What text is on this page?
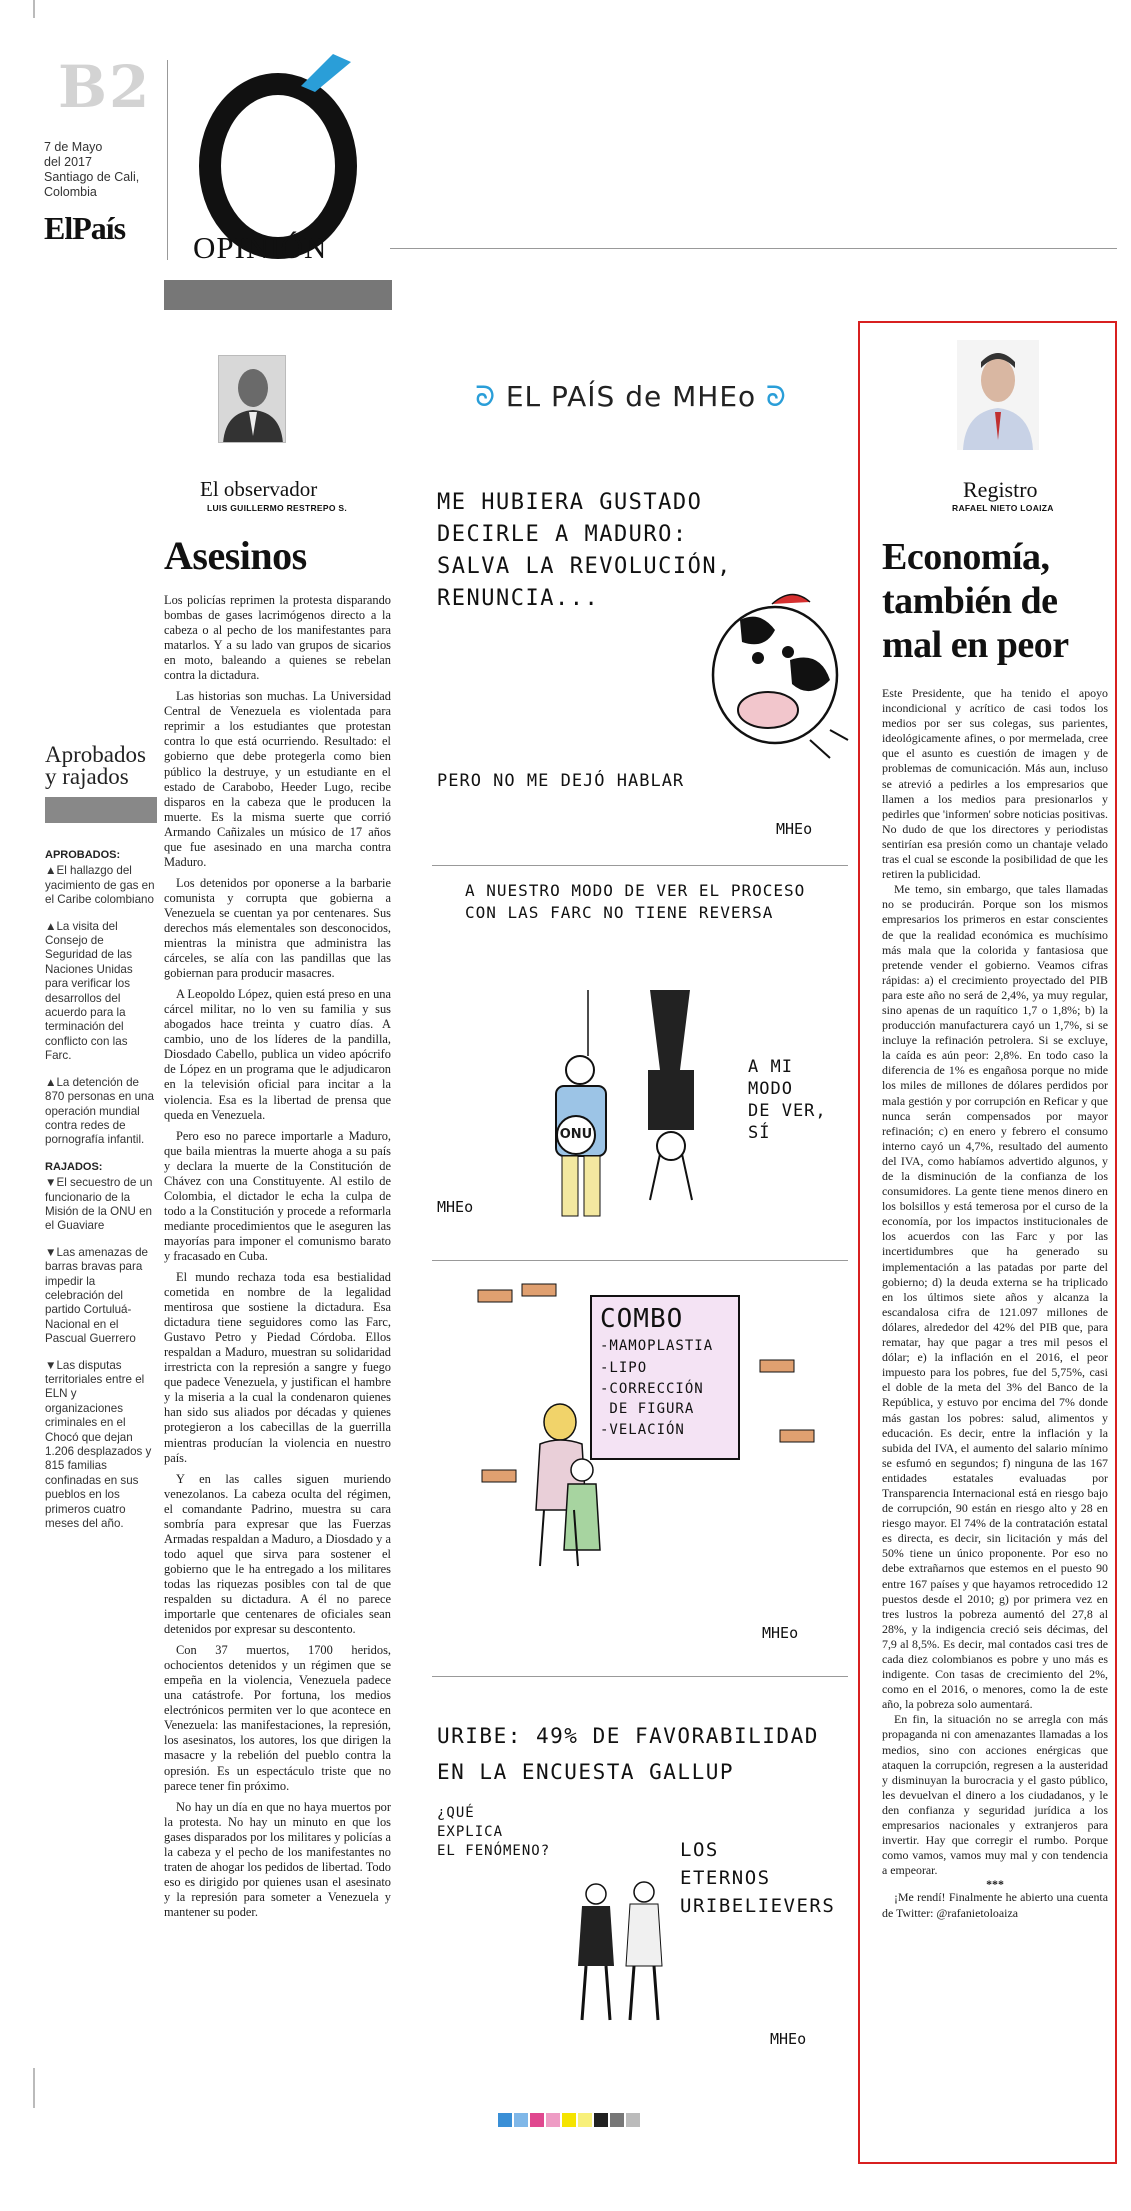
B2
7 de Mayo del 2017
Santiago de Cali, Colombia
ElPaís
OPINIÓN
El observador
LUIS GUILLERMO RESTREPO S.
Asesinos

Los policías reprimen la protesta disparando bombas de gases lacrimógenos directo a la cabeza o al pecho de los manifestantes para matarlos. Y a su lado van grupos de sicarios en moto, baleando a quienes se rebelan contra la dictadura.

Las historias son muchas. La Universidad Central de Venezuela es violentada para reprimir a los estudiantes que protestan contra lo que está ocurriendo. Resultado: el gobierno que debe protegerla como bien público la destruye, y un estudiante en el estado de Carabobo, Heeder Lugo, recibe disparos en la cabeza que le producen la muerte. Es la misma suerte que corrió Armando Cañizales un músico de 17 años que fue asesinado en una marcha contra Maduro.

Los detenidos por oponerse a la barbarie comunista y corrupta que gobierna a Venezuela se cuentan ya por centenares. Sus derechos más elementales son desconocidos, mientras la ministra que administra las cárceles, se alía con las pandillas que las gobiernan para producir masacres.

A Leopoldo López, quien está preso en una cárcel militar, no lo ven su familia y sus abogados hace treinta y cuatro días. A cambio, uno de los líderes de la pandilla, Diosdado Cabello, publica un video apócrifo de López en un programa que le adjudicaron en la televisión oficial para incitar a la violencia. Esa es la libertad de prensa que queda en Venezuela.

Pero eso no parece importarle a Maduro, que baila mientras la muerte ahoga a su país y declara la muerte de la Constitución de Chávez con una Constituyente. Al estilo de Colombia, el dictador le echa la culpa de todo a la Constitución y procede a reformarla mediante procedimientos que le aseguren las mayorías para imponer el comunismo barato y fracasado en Cuba.

El mundo rechaza toda esa bestialidad cometida en nombre de la legalidad mentirosa que sostiene la dictadura. Esa dictadura tiene seguidores como las Farc, Gustavo Petro y Piedad Córdoba. Ellos respaldan a Maduro, muestran su solidaridad irrestricta con la represión a sangre y fuego que padece Venezuela, y justifican el hambre y la miseria a la cual la condenaron quienes han sido sus aliados por décadas y quienes protegieron a los cabecillas de la guerrilla mientras producían la violencia en nuestro país.

Y en las calles siguen muriendo venezolanos. La cabeza oculta del régimen, el comandante Padrino, muestra su cara sombría para expresar que las Fuerzas Armadas respaldan a Maduro, a Diosdado y a todo aquel que sirva para sostener el gobierno que le ha entregado a los militares todas las riquezas posibles con tal de que respalden su dictadura. A él no parece importarle que centenares de oficiales sean detenidos por expresar su descontento.

Con 37 muertos, 1700 heridos, ochocientos detenidos y un régimen que se empeña en la violencia, Venezuela padece una catástrofe. Por fortuna, los medios electrónicos permiten ver lo que acontece en Venezuela: las manifestaciones, la represión, los asesinatos, los autores, los que dirigen la masacre y la rebelión del pueblo contra la opresión. Es un espectáculo triste que no parece tener fin próximo.

No hay un día en que no haya muertos por la protesta. No hay un minuto en que los gases disparados por los militares y policías a la cabeza y el pecho de los manifestantes no traten de ahogar los pedidos de libertad. Todo eso es dirigido por quienes usan el asesinato y la represión para someter a Venezuela y mantener su poder.

Aprobados
y rajados
APROBADOS:
▲El hallazgo del yacimiento de gas en el Caribe colombiano
▲La visita del Consejo de Seguridad de las Naciones Unidas para verificar los desarrollos del acuerdo para la terminación del conflicto con las Farc.
▲La detención de 870 personas en una operación mundial contra redes de pornografía infantil.
RAJADOS:
▼El secuestro de un funcionario de la Misión de la ONU en el Guaviare
▼Las amenazas de barras bravas para impedir la celebración del partido Cortuluá-Nacional en el Pascual Guerrero
▼Las disputas territoriales entre el ELN y organizaciones criminales en el Chocó que dejan 1.206 desplazados y 815 familias confinadas en sus pueblos en los primeros cuatro meses del año.
ᘐ EL PAÍS de MHEo ᘐ
ME HUBIERA GUSTADO
DECIRLE A MADURO:
SALVA LA REVOLUCIÓN,
RENUNCIA...
PERO NO ME DEJÓ HABLAR
MHEo
A NUESTRO MODO DE VER EL PROCESO
CON LAS FARC NO TIENE REVERSA
ONU
A MI
MODO
DE VER,
SÍ
MHEo
COMBO
-MAMOPLASTIA
-LIPO
-CORRECCIÓN
DE FIGURA
-VELACIÓN
MHEo
URIBE: 49% DE FAVORABILIDAD
EN LA ENCUESTA GALLUP
¿QUÉ
EXPLICA
EL FENÓMENO?	LOS
ETERNOS
URIBELIEVERS
MHEo
Registro
RAFAEL NIETO LOAIZA
Economía,
también de
mal en peor

Este Presidente, que ha tenido el apoyo incondicional y acrítico de casi todos los medios por ser sus colegas, sus parientes, ideológicamente afines, o por mermelada, cree que el asunto es cuestión de imagen y de problemas de comunicación. Más aun, incluso se atrevió a pedirles a los empresarios que llamen a los medios para presionarlos y pedirles que 'informen' sobre noticias positivas. No dudo de que los directores y periodistas sentirían esa presión como un chantaje velado tras el cual se esconde la posibilidad de que les retiren la publicidad.

Me temo, sin embargo, que tales llamadas no se producirán. Porque son los mismos empresarios los primeros en estar conscientes de que la realidad económica es muchísimo más mala que la colorida y fantasiosa que pretende vender el gobierno. Veamos cifras rápidas: a) el crecimiento proyectado del PIB para este año no será de 2,4%, ya muy regular, sino apenas de un raquítico 1,7 o 1,8%; b) la producción manufacturera cayó un 1,7%, si se incluye la refinación petrolera. Si se excluye, la caída es aún peor: 2,8%. En todo caso la diferencia de 1% es engañosa porque no mide los miles de millones de dólares perdidos por mala gestión y por corrupción en Reficar y que nunca serán compensados por mayor refinación; c) en enero y febrero el consumo interno cayó un 4,7%, resultado del aumento del IVA, como habíamos advertido algunos, y de la disminución de la confianza de los consumidores. La gente tiene menos dinero en los bolsillos y está temerosa por el curso de la economía, por los impactos institucionales de los acuerdos con las Farc y por las incertidumbres que ha generado su implementación a las patadas por parte del gobierno; d) la deuda externa se ha triplicado en los últimos siete años y alcanza la escandalosa cifra de 121.097 millones de dólares, alrededor del 42% del PIB que, para rematar, hay que pagar a tres mil pesos el dólar; e) la inflación en el 2016, el peor impuesto para los pobres, fue del 5,75%, casi el doble de la meta del 3% del Banco de la República, y estuvo por encima del 7% donde más gastan los pobres: salud, alimentos y educación. Es decir, entre la inflación y la subida del IVA, el aumento del salario mínimo se esfumó en segundos; f) ninguna de las 167 entidades estatales evaluadas por Transparencia Internacional está en riesgo bajo de corrupción, 90 están en riesgo alto y 28 en riesgo mayor. El 74% de la contratación estatal es directa, es decir, sin licitación y más del 50% tiene un único proponente. Por eso no debe extrañarnos que estemos en el puesto 90 entre 167 países y que hayamos retrocedido 12 puestos desde el 2010; g) por primera vez en tres lustros la pobreza aumentó del 27,8 al 28%, y la indigencia creció seis décimas, del 7,9 al 8,5%. Es decir, mal contados casi tres de cada diez colombianos es pobre y uno más es indigente. Con tasas de crecimiento del 2%, como en el 2016, o menores, como la de este año, la pobreza solo aumentará.

En fin, la situación no se arregla con más propaganda ni con amenazantes llamadas a los medios, sino con acciones enérgicas que ataquen la corrupción, regresen a la austeridad y disminuyan la burocracia y el gasto público, les devuelvan el dinero a los ciudadanos, y le den confianza y seguridad jurídica a los empresarios nacionales y extranjeros para invertir. Hay que corregir el rumbo. Porque como vamos, vamos muy mal y con tendencia a empeorar.

***

¡Me rendí! Finalmente he abierto una cuenta de Twitter: @rafanietoloaiza
